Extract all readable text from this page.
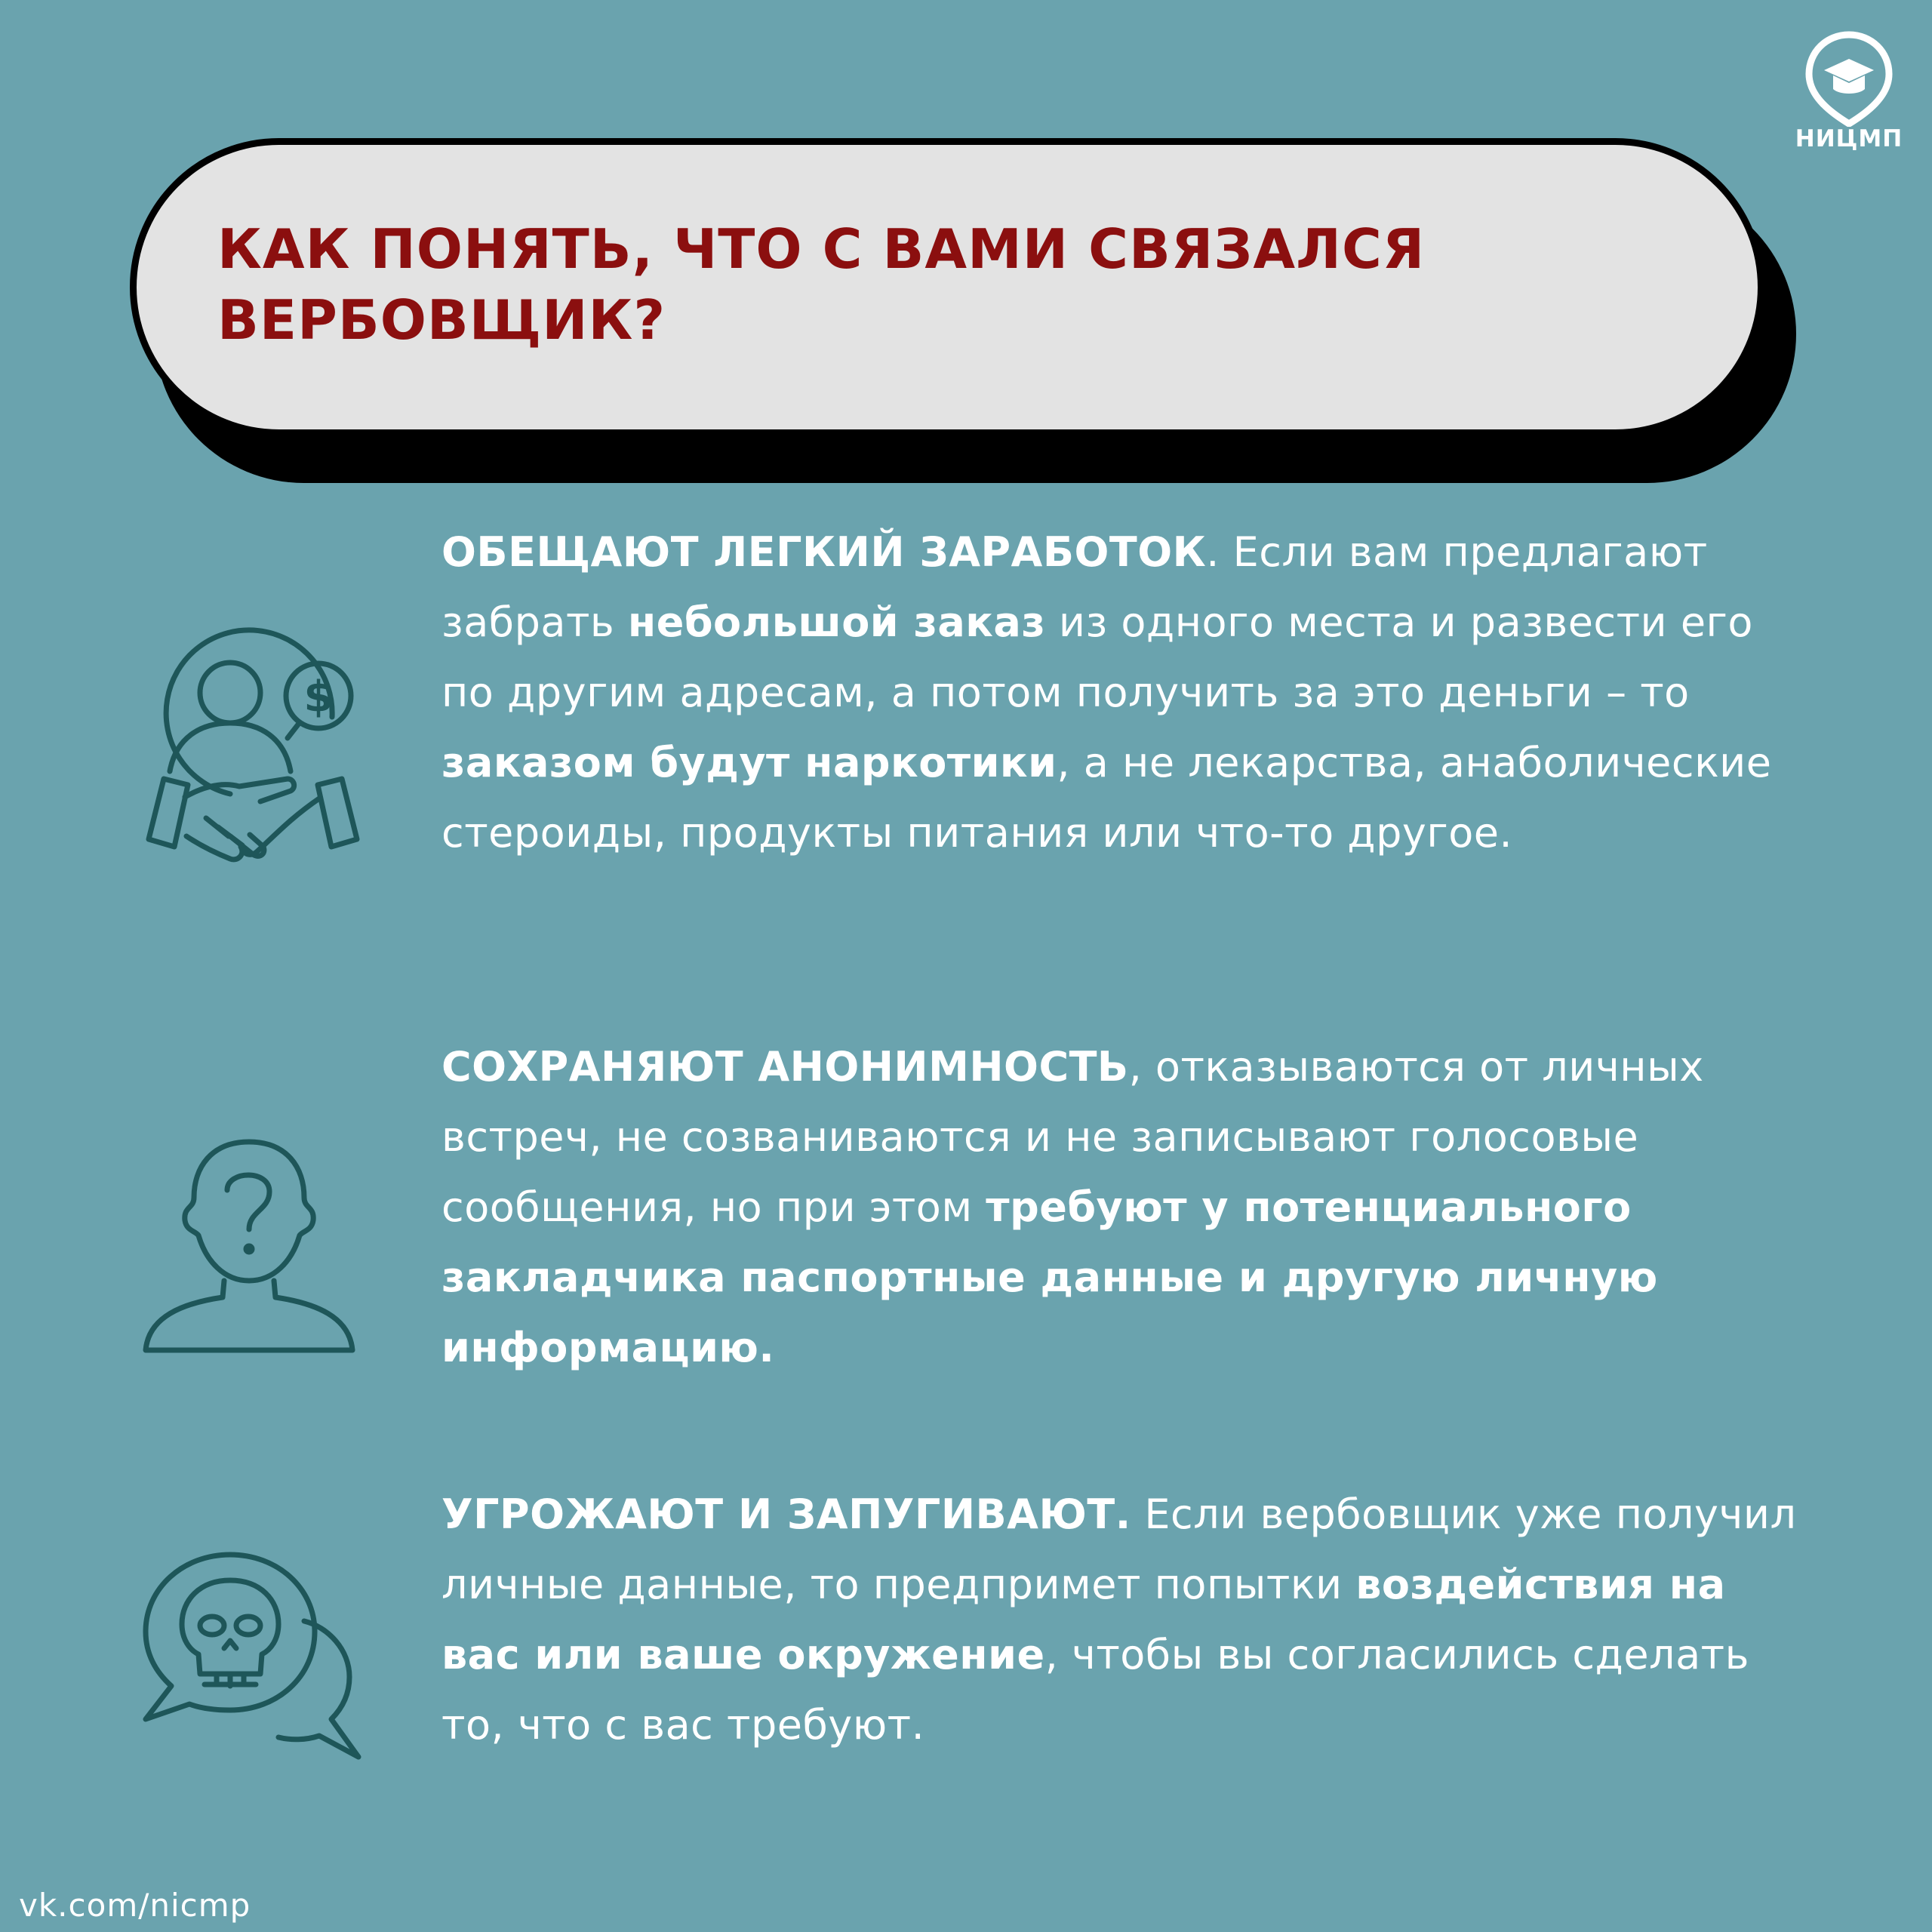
НИЦМП
КАК ПОНЯТЬ, ЧТО С ВАМИ СВЯЗАЛСЯ
ВЕРБОВЩИК?
$

ОБЕЩАЮТ ЛЕГКИЙ ЗАРАБОТОК. Если вам предлагают забрать небольшой заказ из одного места и развести его по другим адресам, а потом получить за это деньги – то заказом будут наркотики, а не лекарства, анаболические стероиды, продукты питания или что-то другое.

СОХРАНЯЮТ АНОНИМНОСТЬ, отказываются от личных встреч, не созваниваются и не записывают голосовые сообщения, но при этом требуют у потенциального закладчика паспортные данные и другую личную информацию.

УГРОЖАЮТ И ЗАПУГИВАЮТ. Если вербовщик уже получил личные данные, то предпримет попытки воздействия на вас или ваше окружение, чтобы вы согласились сделать то, что с вас требуют.

vk.com/nicmp
